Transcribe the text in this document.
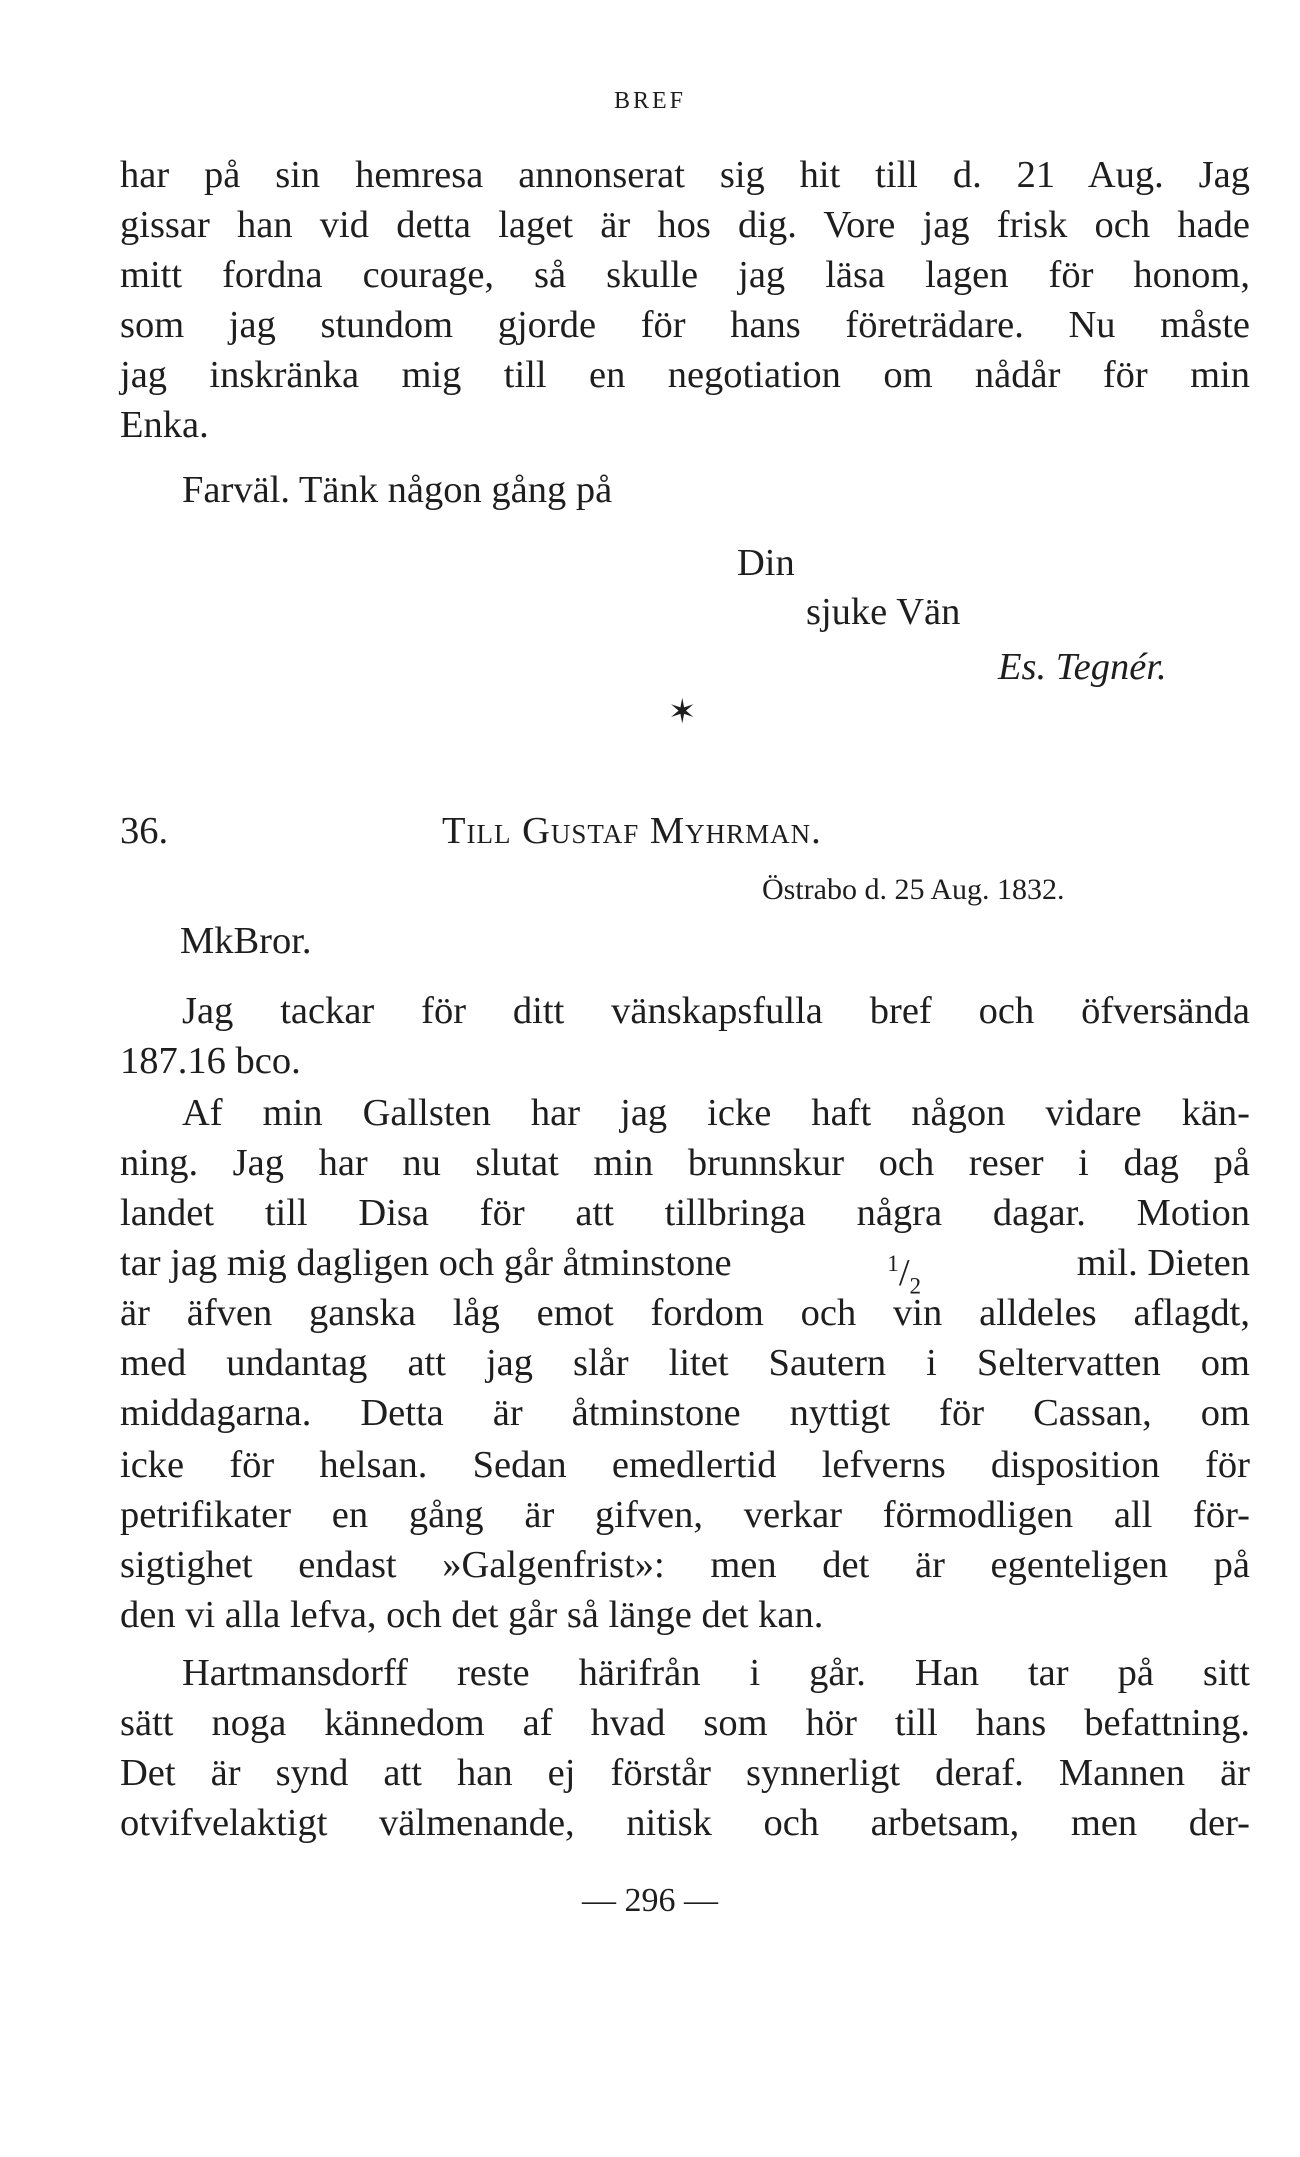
BREF
har på sin hemresa annonserat sig hit till d. 21 Aug. Jag
gissar han vid detta laget är hos dig. Vore jag frisk och hade
mitt fordna courage, så skulle jag läsa lagen för honom,
som jag stundom gjorde för hans företrädare. Nu måste
jag inskränka mig till en negotiation om nådår för min
Enka.
Farväl. Tänk någon gång på
Din
sjuke Vän
Es. Tegnér.
✶
36.	Till Gustaf Myhrman.
Östrabo d. 25 Aug. 1832.
MkBror.
Jag tackar för ditt vänskapsfulla bref och öfversända
187.16 bco.
Af min Gallsten har jag icke haft någon vidare kän-
ning. Jag har nu slutat min brunnskur och reser i dag på
landet till Disa för att tillbringa några dagar. Motion
tar jag mig dagligen och går åtminstone	$^1/_2$
mil. Dieten
är äfven ganska låg emot fordom och vin alldeles aflagdt,
med undantag att jag slår litet Sautern i Seltervatten om
middagarna. Detta är åtminstone nyttigt för Cassan, om
icke för helsan. Sedan emedlertid lefverns disposition för
petrifikater en gång är gifven, verkar förmodligen all för-
sigtighet endast »Galgenfrist»: men det är egenteligen på
den vi alla lefva, och det går så länge det kan.
Hartmansdorff reste härifrån i går. Han tar på sitt
sätt noga kännedom af hvad som hör till hans befattning.
Det är synd att han ej förstår synnerligt deraf. Mannen är
otvifvelaktigt välmenande, nitisk och arbetsam, men der-
— 296 —
